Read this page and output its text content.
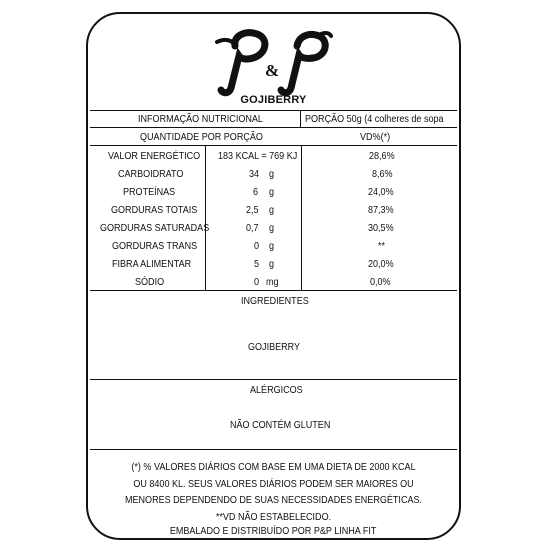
&
GOJIBERRY
INFORMAÇÃO NUTRICIONAL	PORÇÃO 50g (4 colheres de sopa
QUANTIDADE POR PORÇÃO	VD%(*)
VALOR ENERGÉTICO 183 KCAL = 769 KJ	28,6%
CARBOIDRATO	34 g	8,6%
PROTEÍNAS	6 g	24,0%
GORDURAS TOTAIS	2,5 g	87,3%
GORDURAS SATURADAS	0,7 g	30,5%
GORDURAS TRANS	0 g	**
FIBRA ALIMENTAR	5 g	20,0%
SÓDIO	0 mg	0,0%
INGREDIENTES
GOJIBERRY
ALÉRGICOS
NÃO CONTÉM GLUTEN
(*) % VALORES DIÁRIOS COM BASE EM UMA DIETA DE 2000 KCAL
OU 8400 KL. SEUS VALORES DIÁRIOS PODEM SER MAIORES OU
MENORES DEPENDENDO DE SUAS NECESSIDADES ENERGÉTICAS.
**VD NÃO ESTABELECIDO.
EMBALADO E DISTRIBUÍDO POR P&P LINHA FIT
